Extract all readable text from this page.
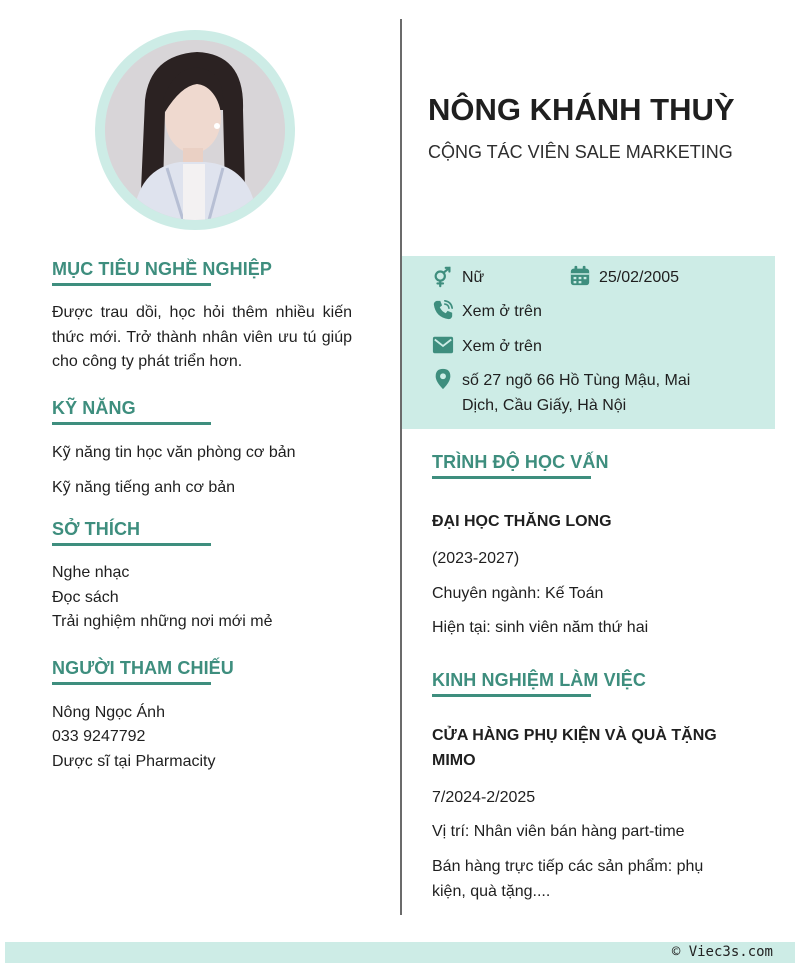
MỤC TIÊU NGHỀ NGHIỆP
Được trau dồi, học hỏi thêm nhiều kiến thức mới. Trở thành nhân viên ưu tú giúp cho công ty phát triển hơn.
KỸ NĂNG
Kỹ năng tin học văn phòng cơ bản
Kỹ năng tiếng anh cơ bản
SỞ THÍCH
Nghe nhạc
Đọc sách
Trải nghiệm những nơi mới mẻ
NGƯỜI THAM CHIẾU
Nông Ngọc Ánh
033 9247792
Dược sĩ tại Pharmacity
NÔNG KHÁNH THUỲ
CỘNG TÁC VIÊN SALE MARKETING
Nữ	25/02/2005
Xem ở trên
Xem ở trên
số 27 ngõ 66 Hồ Tùng Mậu, Mai
Dịch, Cầu Giấy, Hà Nội
TRÌNH ĐỘ HỌC VẤN
ĐẠI HỌC THĂNG LONG
(2023-2027)
Chuyên ngành: Kế Toán
Hiện tại: sinh viên năm thứ hai
KINH NGHIỆM LÀM VIỆC
CỬA HÀNG PHỤ KIỆN VÀ QUÀ TẶNG
MIMO
7/2024-2/2025
Vị trí: Nhân viên bán hàng part-time
Bán hàng trực tiếp các sản phẩm: phụ
kiện, quà tặng....
© Viec3s.com
